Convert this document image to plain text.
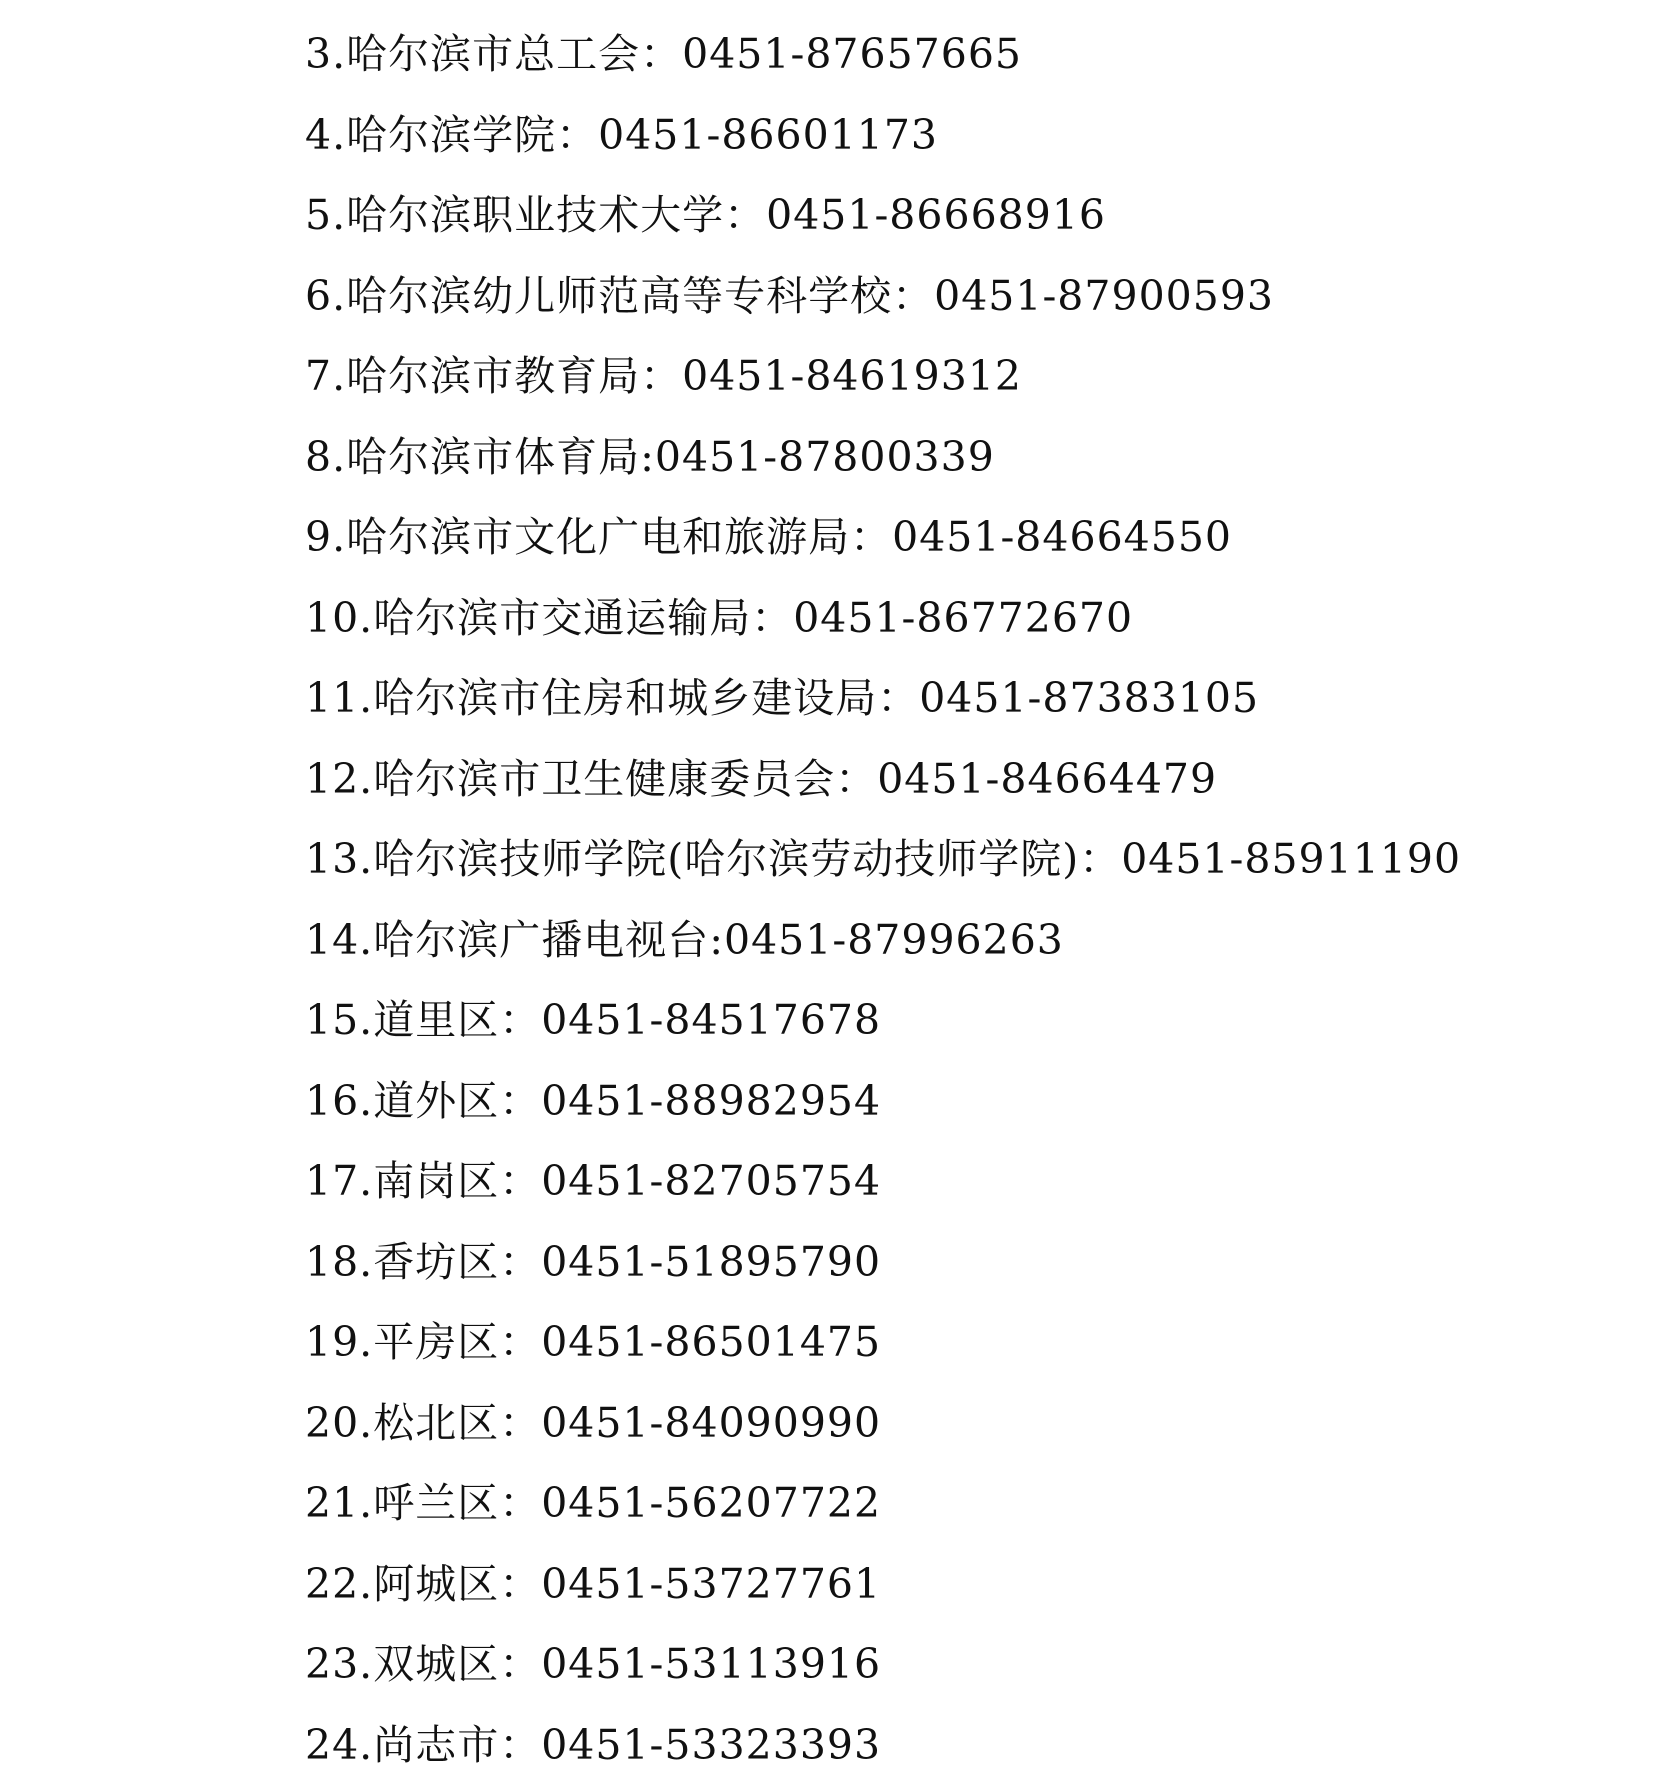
3.哈尔滨市总工会：0451-87657665
4.哈尔滨学院：0451-86601173
5.哈尔滨职业技术大学：0451-86668916
6.哈尔滨幼儿师范高等专科学校：0451-87900593
7.哈尔滨市教育局：0451-84619312
8.哈尔滨市体育局:0451-87800339
9.哈尔滨市文化广电和旅游局：0451-84664550
10.哈尔滨市交通运输局：0451-86772670
11.哈尔滨市住房和城乡建设局：0451-87383105
12.哈尔滨市卫生健康委员会：0451-84664479
13.哈尔滨技师学院(哈尔滨劳动技师学院)：0451-85911190
14.哈尔滨广播电视台:0451-87996263
15.道里区：0451-84517678
16.道外区：0451-88982954
17.南岗区：0451-82705754
18.香坊区：0451-51895790
19.平房区：0451-86501475
20.松北区：0451-84090990
21.呼兰区：0451-56207722
22.阿城区：0451-53727761
23.双城区：0451-53113916
24.尚志市：0451-53323393
